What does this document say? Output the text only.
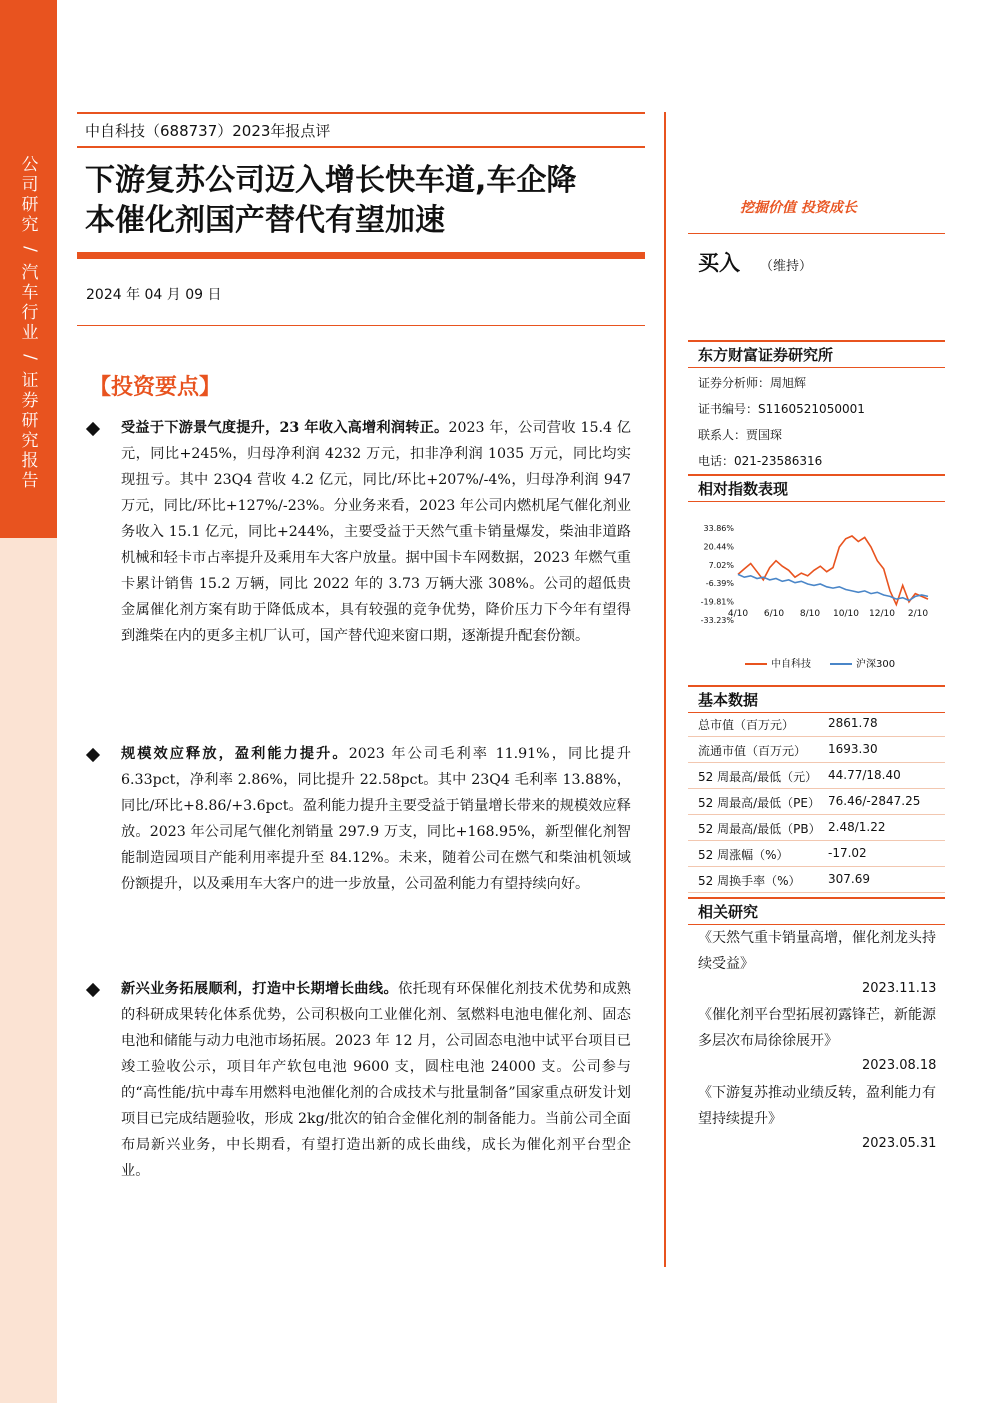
公
司
研
究
/
汽
车
行
业
/
证
券
研
究
报
告
中自科技（688737）2023年报点评
下游复苏公司迈入增长快车道,车企降
本催化剂国产替代有望加速
2024 年 04 月 09 日
【投资要点】
受益于下游景气度提升，23 年收入高增利润转正。2023 年，公司营收 15.4 亿元，同比+245%，归母净利润 4232 万元，扣非净利润 1035 万元，同比均实现扭亏。其中 23Q4 营收 4.2 亿元，同比/环比+207%/-4%，归母净利润 947 万元，同比/环比+127%/-23%。分业务来看，2023 年公司内燃机尾气催化剂业务收入 15.1 亿元，同比+244%，主要受益于天然气重卡销量爆发，柴油非道路机械和轻卡市占率提升及乘用车大客户放量。据中国卡车网数据，2023 年燃气重卡累计销售 15.2 万辆，同比 2022 年的 3.73 万辆大涨 308%。公司的超低贵金属催化剂方案有助于降低成本，具有较强的竞争优势，降价压力下今年有望得到潍柴在内的更多主机厂认可，国产替代迎来窗口期，逐渐提升配套份额。
规模效应释放，盈利能力提升。2023 年公司毛利率 11.91%，同比提升 6.33pct，净利率 2.86%，同比提升 22.58pct。其中 23Q4 毛利率 13.88%，同比/环比+8.86/+3.6pct。盈利能力提升主要受益于销量增长带来的规模效应释放。2023 年公司尾气催化剂销量 297.9 万支，同比+168.95%，新型催化剂智能制造园项目产能利用率提升至 84.12%。未来，随着公司在燃气和柴油机领域份额提升，以及乘用车大客户的进一步放量，公司盈利能力有望持续向好。
新兴业务拓展顺利，打造中长期增长曲线。依托现有环保催化剂技术优势和成熟的科研成果转化体系优势，公司积极向工业催化剂、氢燃料电池电催化剂、固态电池和储能与动力电池市场拓展。2023 年 12 月，公司固态电池中试平台项目已竣工验收公示，项目年产软包电池 9600 支，圆柱电池 24000 支。公司参与的“高性能/抗中毒车用燃料电池催化剂的合成技术与批量制备”国家重点研发计划项目已完成结题验收，形成 2kg/批次的铂合金催化剂的制备能力。当前公司全面布局新兴业务，中长期看，有望打造出新的成长曲线，成长为催化剂平台型企业。
挖掘价值 投资成长
买入 （维持）
东方财富证券研究所
证券分析师：周旭辉
证书编号：S1160521050001
联系人：贾国琛
电话：021-23586316
相对指数表现
33.86%
20.44%
7.02%
-6.39%
-19.81%
-33.23%
4/10 6/10 8/10 10/10 12/10 2/10
中自科技	沪深300
基本数据
总市值（百万元）	2861.78
流通市值（百万元） 1693.30
52 周最高/最低（元） 44.77/18.40
52 周最高/最低（PE） 76.46/-2847.25
52 周最高/最低（PB） 2.48/1.22
52 周涨幅（%）	-17.02
52 周换手率（%） 307.69
相关研究
《天然气重卡销量高增，催化剂龙头持续受益》
2023.11.13
《催化剂平台型拓展初露锋芒，新能源多层次布局徐徐展开》
2023.08.18
《下游复苏推动业绩反转，盈利能力有望持续提升》
2023.05.31
